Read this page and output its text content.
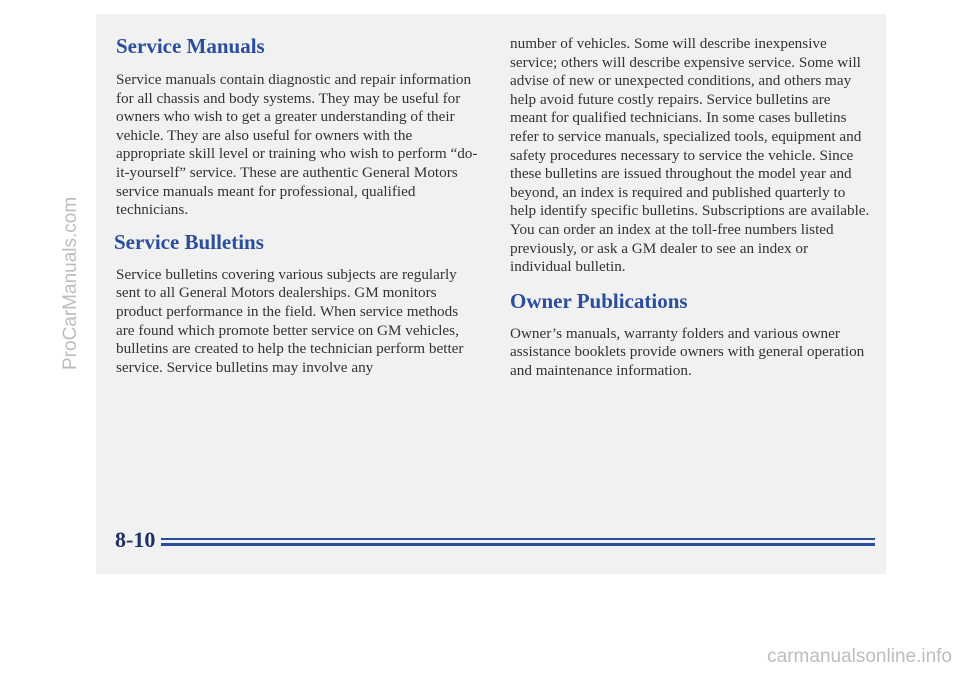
Service Manuals

Service manuals contain diagnostic and repair information for all chassis and body systems. They may be useful for owners who wish to get a greater understanding of their vehicle. They are also useful for owners with the appropriate skill level or training who wish to perform “do-it-yourself” service. These are authentic General Motors service manuals meant for professional, qualified technicians.

Service Bulletins

Service bulletins covering various subjects are regularly sent to all General Motors dealerships. GM monitors product performance in the field. When service methods are found which promote better service on GM vehicles, bulletins are created to help the technician perform better service. Service bulletins may involve any

number of vehicles. Some will describe inexpensive service; others will describe expensive service. Some will advise of new or unexpected conditions, and others may help avoid future costly repairs. Service bulletins are meant for qualified technicians. In some cases bulletins refer to service manuals, specialized tools, equipment and safety procedures necessary to service the vehicle. Since these bulletins are issued throughout the model year and beyond, an index is required and published quarterly to help identify specific bulletins. Subscriptions are available. You can order an index at the toll-free numbers listed previously, or ask a GM dealer to see an index or individual bulletin.

Owner Publications

Owner’s manuals, warranty folders and various owner assistance booklets provide owners with general operation and maintenance information.

8-10
ProCarManuals.com
carmanualsonline.info
